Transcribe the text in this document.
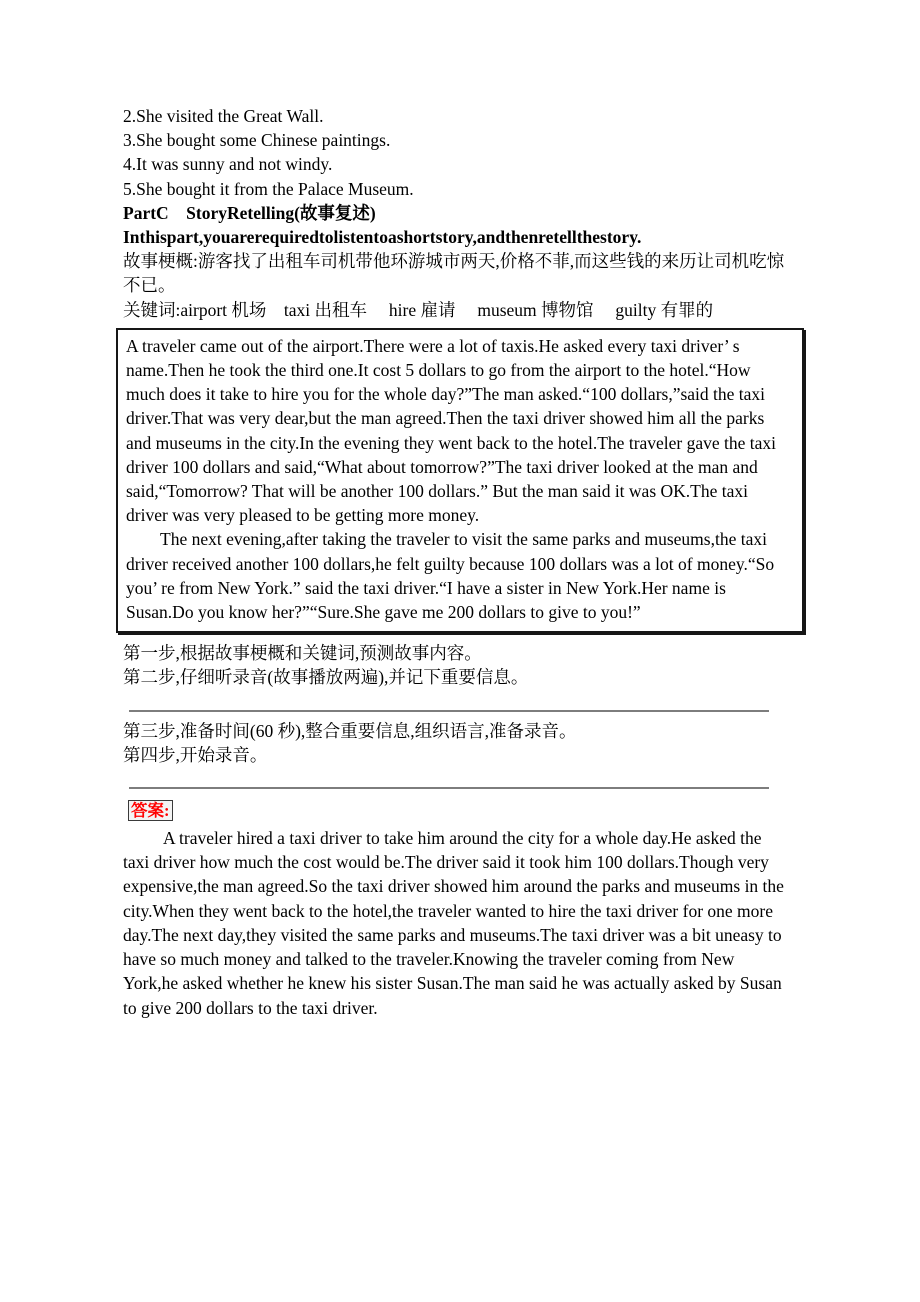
2.She visited the Great Wall.
3.She bought some Chinese paintings.
4.It was sunny and not windy.
5.She bought it from the Palace Museum.
PartC    StoryRetelling(故事复述)
Inthispart,youarerequiredtolistentoashortstory,andthenretellthestory.
故事梗概:游客找了出租车司机带他环游城市两天,价格不菲,而这些钱的来历让司机吃惊不已。
关键词:airport 机场　taxi 出租车　 hire 雇请　 museum 博物馆　 guilty 有罪的

A traveler came out of the airport.There were a lot of taxis.He asked every taxi driver’ s name.Then he took the third one.It cost 5 dollars to go from the airport to the hotel.“How much does it take to hire you for the whole day?”The man asked.“100 dollars,”said the taxi driver.That was very dear,but the man agreed.Then the taxi driver showed him all the parks and museums in the city.In the evening they went back to the hotel.The traveler gave the taxi driver 100 dollars and said,“What about tomorrow?”The taxi driver looked at the man and said,“Tomorrow? That will be another 100 dollars.” But the man said it was OK.The taxi driver was very pleased to be getting more money.

The next evening,after taking the traveler to visit the same parks and museums,the taxi driver received another 100 dollars,he felt guilty because 100 dollars was a lot of money.“So you’ re from New York.” said the taxi driver.“I have a sister in New York.Her name is Susan.Do you know her?”“Sure.She gave me 200 dollars to give to you!”

第一步,根据故事梗概和关键词,预测故事内容。
第二步,仔细听录音(故事播放两遍),并记下重要信息。
第三步,准备时间(60 秒),整合重要信息,组织语言,准备录音。
第四步,开始录音。
答案:

A traveler hired a taxi driver to take him around the city for a whole day.He asked the taxi driver how much the cost would be.The driver said it took him 100 dollars.Though very expensive,the man agreed.So the taxi driver showed him around the parks and museums in the city.When they went back to the hotel,the traveler wanted to hire the taxi driver for one more day.The next day,they visited the same parks and museums.The taxi driver was a bit uneasy to have so much money and talked to the traveler.Knowing the traveler coming from New York,he asked whether he knew his sister Susan.The man said he was actually asked by Susan to give 200 dollars to the taxi driver.
